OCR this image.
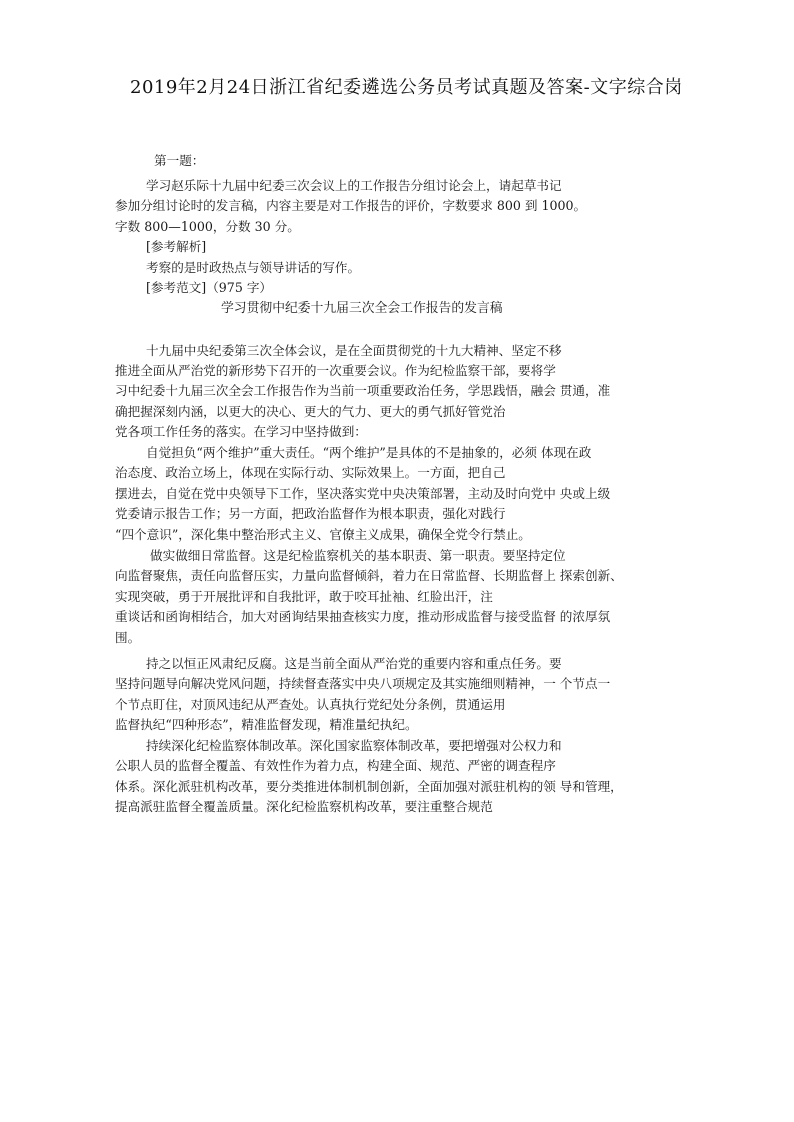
2019年2月24日浙江省纪委遴选公务员考试真题及答案-文字综合岗
第一题：
学习赵乐际十九届中纪委三次会议上的工作报告分组讨论会上，请起草书记
参加分组讨论时的发言稿，内容主要是对工作报告的评价，字数要求 800 到 1000。
字数 800—1000，分数 30 分。
[参考解析]
考察的是时政热点与领导讲话的写作。
[参考范文]（975 字）
学习贯彻中纪委十九届三次全会工作报告的发言稿
十九届中央纪委第三次全体会议，是在全面贯彻党的十九大精神、坚定不移
推进全面从严治党的新形势下召开的一次重要会议。作为纪检监察干部，要将学
习中纪委十九届三次全会工作报告作为当前一项重要政治任务，学思践悟，融会 贯通，准
确把握深刻内涵，以更大的决心、更大的气力、更大的勇气抓好管党治
党各项工作任务的落实。在学习中坚持做到：
自觉担负“两个维护”重大责任。“两个维护”是具体的不是抽象的，必须 体现在政
治态度、政治立场上，体现在实际行动、实际效果上。一方面，把自己
摆进去，自觉在党中央领导下工作，坚决落实党中央决策部署，主动及时向党中 央或上级
党委请示报告工作；另一方面，把政治监督作为根本职责，强化对践行
“四个意识”，深化集中整治形式主义、官僚主义成果，确保全党令行禁止。
做实做细日常监督。这是纪检监察机关的基本职责、第一职责。要坚持定位
向监督聚焦，责任向监督压实，力量向监督倾斜，着力在日常监督、长期监督上 探索创新、
实现突破，勇于开展批评和自我批评，敢于咬耳扯袖、红脸出汗，注
重谈话和函询相结合，加大对函询结果抽查核实力度，推动形成监督与接受监督 的浓厚氛
围。
持之以恒正风肃纪反腐。这是当前全面从严治党的重要内容和重点任务。要
坚持问题导向解决党风问题，持续督查落实中央八项规定及其实施细则精神，一 个节点一
个节点盯住，对顶风违纪从严查处。认真执行党纪处分条例，贯通运用
监督执纪“四种形态”，精准监督发现，精准量纪执纪。
持续深化纪检监察体制改革。深化国家监察体制改革，要把增强对公权力和
公职人员的监督全覆盖、有效性作为着力点，构建全面、规范、严密的调查程序
体系。深化派驻机构改革，要分类推进体制机制创新，全面加强对派驻机构的领 导和管理，
提高派驻监督全覆盖质量。深化纪检监察机构改革，要注重整合规范
